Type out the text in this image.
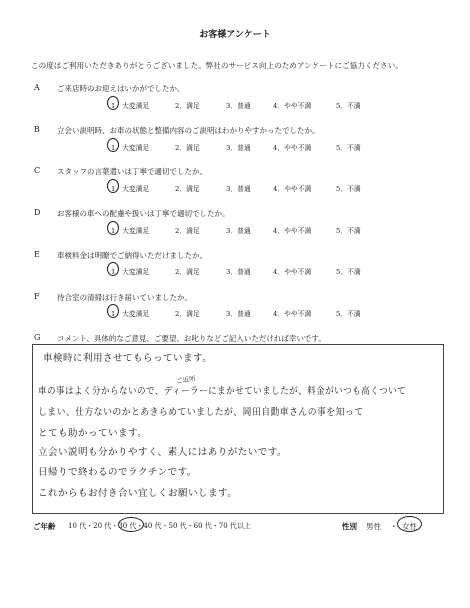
お客様アンケート
この度はご利用いただきありがとうございました。弊社のサービス向上のためアンケートにご協力ください。
A ご来店時のお迎えはいかがでしたか。
1．大変満足	2．満足	3．普通	4．やや不満	5．不満
B 立会い説明時、お車の状態と整備内容のご説明はわかりやすかったでしたか。
1．大変満足	2．満足	3．普通	4．やや不満	5．不満
C スタッフの言葉遣いは丁寧で適切でしたか。
1．大変満足	2．満足	3．普通	4．やや不満	5．不満
D お客様の車への配慮や扱いは丁寧で適切でしたか。
1．大変満足	2．満足	3．普通	4．やや不満	5．不満
E 車検料金は明瞭でご納得いただけましたか。
1．大変満足	2．満足	3．普通	4．やや不満	5．不満
F 待合室の清掃は行き届いていましたか。
1．大変満足	2．満足	3．普通	4．やや不満	5．不満
G コメント、具体的なご意見、ご要望、お叱りなどご記入いただければ幸いです。
ご近所
車検時に利用させてもらっています。
車の事はよく分からないので、ディーラーにまかせていましたが、料金がいつも高くついて
しまい、仕方ないのかとあきらめていましたが、岡田自動車さんの事を知って
とても助かっています。
立会い説明も分かりやすく、素人にはありがたいです。
日帰りで終わるのでラクチンです。
これからもお付き合い宜しくお願いします。
ご年齢 10 代・20 代・30 代・40 代・50 代・60 代・70 代以上	性別 男性 ・ 女性
